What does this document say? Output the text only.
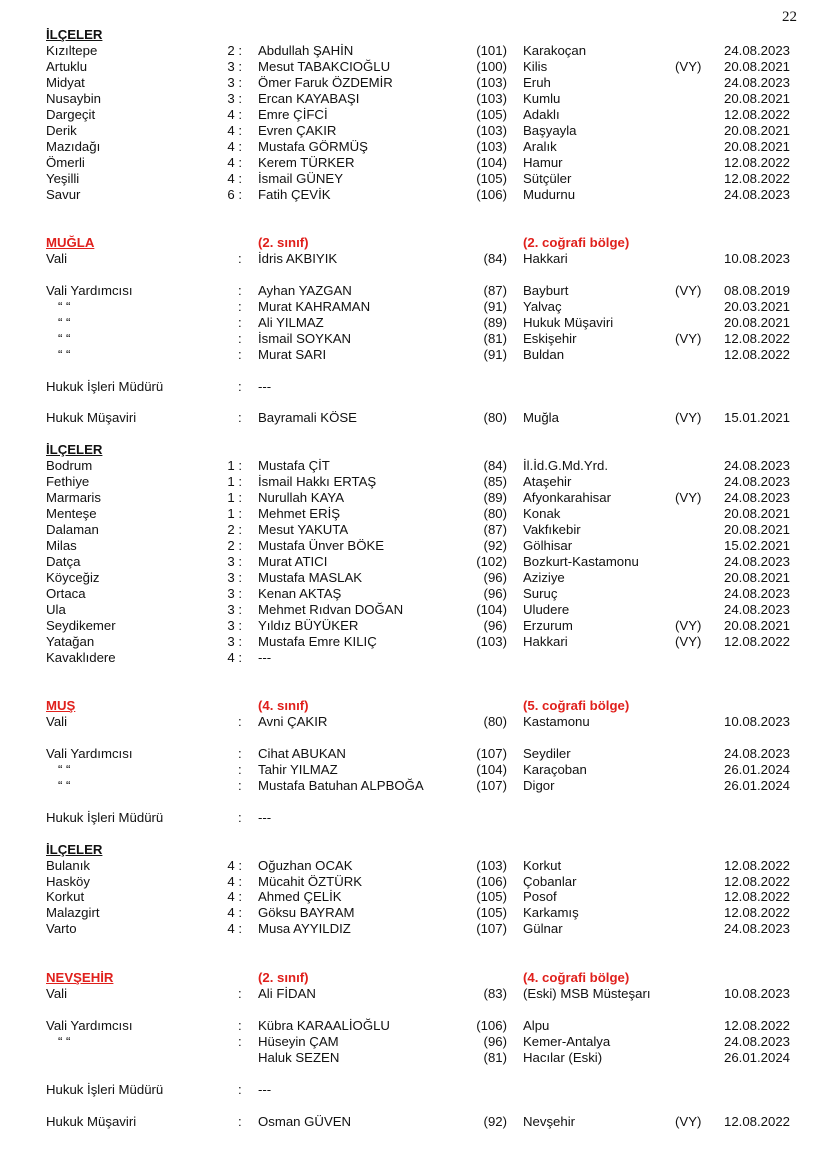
22
İLÇELER
Kızıltepe	2 : Abdullah ŞAHİN	(101) Karakoçan	24.08.2023
Artuklu	3 : Mesut TABAKCIOĞLU	(100) Kilis	(VY) 20.08.2021
Midyat	3 : Ömer Faruk ÖZDEMİR	(103) Eruh	24.08.2023
Nusaybin	3 : Ercan KAYABAŞI	(103) Kumlu	20.08.2021
Dargeçit	4 : Emre ÇİFCİ	(105) Adaklı	12.08.2022
Derik	4 : Evren ÇAKIR	(103) Başyayla	20.08.2021
Mazıdağı	4 : Mustafa GÖRMÜŞ	(103) Aralık	20.08.2021
Ömerli	4 : Kerem TÜRKER	(104) Hamur	12.08.2022
Yeşilli	4 : İsmail GÜNEY	(105) Sütçüler	12.08.2022
Savur	6 : Fatih ÇEVİK	(106) Mudurnu	24.08.2023
MUĞLA	(2. sınıf)	(2. coğrafi bölge)
Vali	: İdris AKBIYIK	(84) Hakkari	10.08.2023
Vali Yardımcısı	: Ayhan YAZGAN	(87) Bayburt	(VY) 08.08.2019
“ “	: Murat KAHRAMAN	(91) Yalvaç	20.03.2021
“ “	: Ali YILMAZ	(89) Hukuk Müşaviri	20.08.2021
“ “	: İsmail SOYKAN	(81) Eskişehir	(VY) 12.08.2022
“ “	: Murat SARI	(91) Buldan	12.08.2022
Hukuk İşleri Müdürü	: ---
Hukuk Müşaviri	: Bayramali KÖSE	(80) Muğla	(VY) 15.01.2021
İLÇELER
Bodrum	1 : Mustafa ÇİT	(84) İl.İd.G.Md.Yrd.	24.08.2023
Fethiye	1 : İsmail Hakkı ERTAŞ	(85) Ataşehir	24.08.2023
Marmaris	1 : Nurullah KAYA	(89) Afyonkarahisar	(VY) 24.08.2023
Menteşe	1 : Mehmet ERİŞ	(80) Konak	20.08.2021
Dalaman	2 : Mesut YAKUTA	(87) Vakfıkebir	20.08.2021
Milas	2 : Mustafa Ünver BÖKE	(92) Gölhisar	15.02.2021
Datça	3 : Murat ATICI	(102) Bozkurt-Kastamonu	24.08.2023
Köyceğiz	3 : Mustafa MASLAK	(96) Aziziye	20.08.2021
Ortaca	3 : Kenan AKTAŞ	(96) Suruç	24.08.2023
Ula	3 : Mehmet Rıdvan DOĞAN	(104) Uludere	24.08.2023
Seydikemer	3 : Yıldız BÜYÜKER	(96) Erzurum	(VY) 20.08.2021
Yatağan	3 : Mustafa Emre KILIÇ	(103) Hakkari	(VY) 12.08.2022
Kavaklıdere	4 : ---
MUŞ	(4. sınıf)	(5. coğrafi bölge)
Vali	: Avni ÇAKIR	(80) Kastamonu	10.08.2023
Vali Yardımcısı	: Cihat ABUKAN	(107) Seydiler	24.08.2023
“ “	: Tahir YILMAZ	(104) Karaçoban	26.01.2024
“ “	: Mustafa Batuhan ALPBOĞA	(107) Digor	26.01.2024
Hukuk İşleri Müdürü	: ---
İLÇELER
Bulanık	4 : Oğuzhan OCAK	(103) Korkut	12.08.2022
Hasköy	4 : Mücahit ÖZTÜRK	(106) Çobanlar	12.08.2022
Korkut	4 : Ahmed ÇELİK	(105) Posof	12.08.2022
Malazgirt	4 : Göksu BAYRAM	(105) Karkamış	12.08.2022
Varto	4 : Musa AYYILDIZ	(107) Gülnar	24.08.2023
NEVŞEHİR	(2. sınıf)	(4. coğrafi bölge)
Vali	: Ali FİDAN	(83) (Eski) MSB Müsteşarı	10.08.2023
Vali Yardımcısı	: Kübra KARAALİOĞLU	(106) Alpu	12.08.2022
“ “	: Hüseyin ÇAM	(96) Kemer-Antalya	24.08.2023
Haluk SEZEN	(81) Hacılar (Eski)	26.01.2024
Hukuk İşleri Müdürü	: ---
Hukuk Müşaviri	: Osman GÜVEN	(92) Nevşehir	(VY) 12.08.2022
